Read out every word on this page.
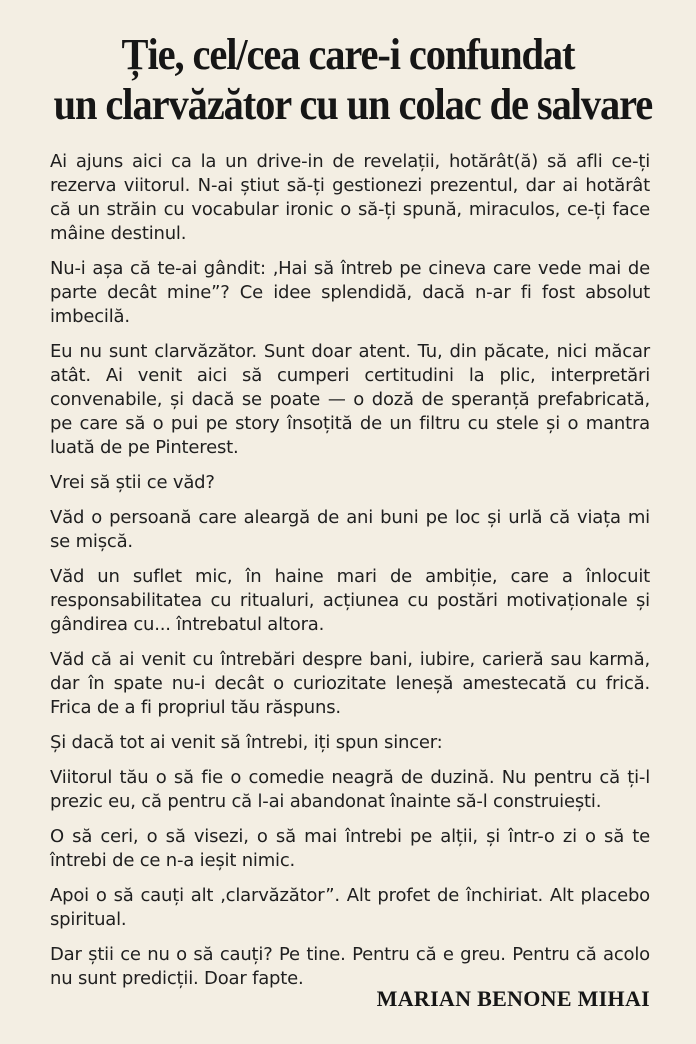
Ție, cel/cea care-i confundat
un clarvăzător cu un colac de salvare

Ai ajuns aici ca la un drive-in de revelații, hotărât(ă) să afli ce-ți rezerva viitorul. N-ai știut să-ți gestionezi prezentul, dar ai hotărât că un străin cu vocabular ironic o să-ți spună, miraculos, ce-ți face mâine destinul.

Nu-i așa că te-ai gândit: ‚Hai să întreb pe cineva care vede mai de parte decât mine”? Ce idee splendidă, dacă n-ar fi fost absolut imbecilă.

Eu nu sunt clarvăzător. Sunt doar atent. Tu, din păcate, nici măcar atât. Ai venit aici să cumperi certitudini la plic, interpretări convenabile, și dacă se poate — o doză de speranță prefabricată, pe care să o pui pe story însoțită de un filtru cu stele și o mantra luată de pe Pinterest.

Vrei să știi ce văd?

Văd o persoană care aleargă de ani buni pe loc și urlă că viața mi se mișcă.

Văd un suflet mic, în haine mari de ambiție, care a înlocuit responsabilitatea cu ritualuri, acțiunea cu postări motivaționale și gândirea cu... întrebatul altora.

Văd că ai venit cu întrebări despre bani, iubire, carieră sau karmă, dar în spate nu-i decât o curiozitate leneșă amestecată cu frică. Frica de a fi propriul tău răspuns.

Și dacă tot ai venit să întrebi, iți spun sincer:

Viitorul tău o să fie o comedie neagră de duzină. Nu pentru că ți-l prezic eu, că pentru că l-ai abandonat înainte să-l construiești.

O să ceri, o să visezi, o să mai întrebi pe alții, și într-o zi o să te întrebi de ce n-a ieșit nimic.

Apoi o să cauți alt ‚clarvăzător”. Alt profet de închiriat. Alt placebo spiritual.

Dar știi ce nu o să cauți? Pe tine. Pentru că e greu. Pentru că acolo nu sunt predicții. Doar fapte.

MARIAN BENONE MIHAI
